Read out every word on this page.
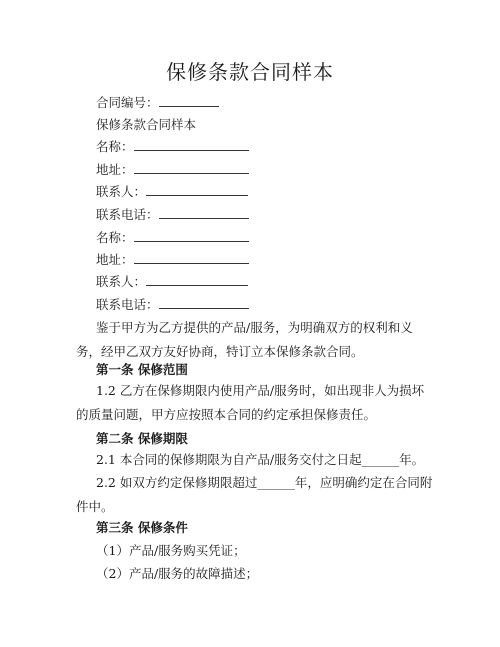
保修条款合同样本
合同编号：
保修条款合同样本
名称：
地址：
联系人：
联系电话：
名称：
地址：
联系人：
联系电话：
鉴于甲方为乙方提供的产品/服务，为明确双方的权利和义务，经甲乙双方友好协商，特订立本保修条款合同。
第一条 保修范围
1.2 乙方在保修期限内使用产品/服务时，如出现非人为损坏的质量问题，甲方应按照本合同的约定承担保修责任。
第二条 保修期限
2.1 本合同的保修期限为自产品/服务交付之日起______年。
2.2 如双方约定保修期限超过______年，应明确约定在合同附件中。
第三条 保修条件
（1）产品/服务购买凭证；
（2）产品/服务的故障描述；
